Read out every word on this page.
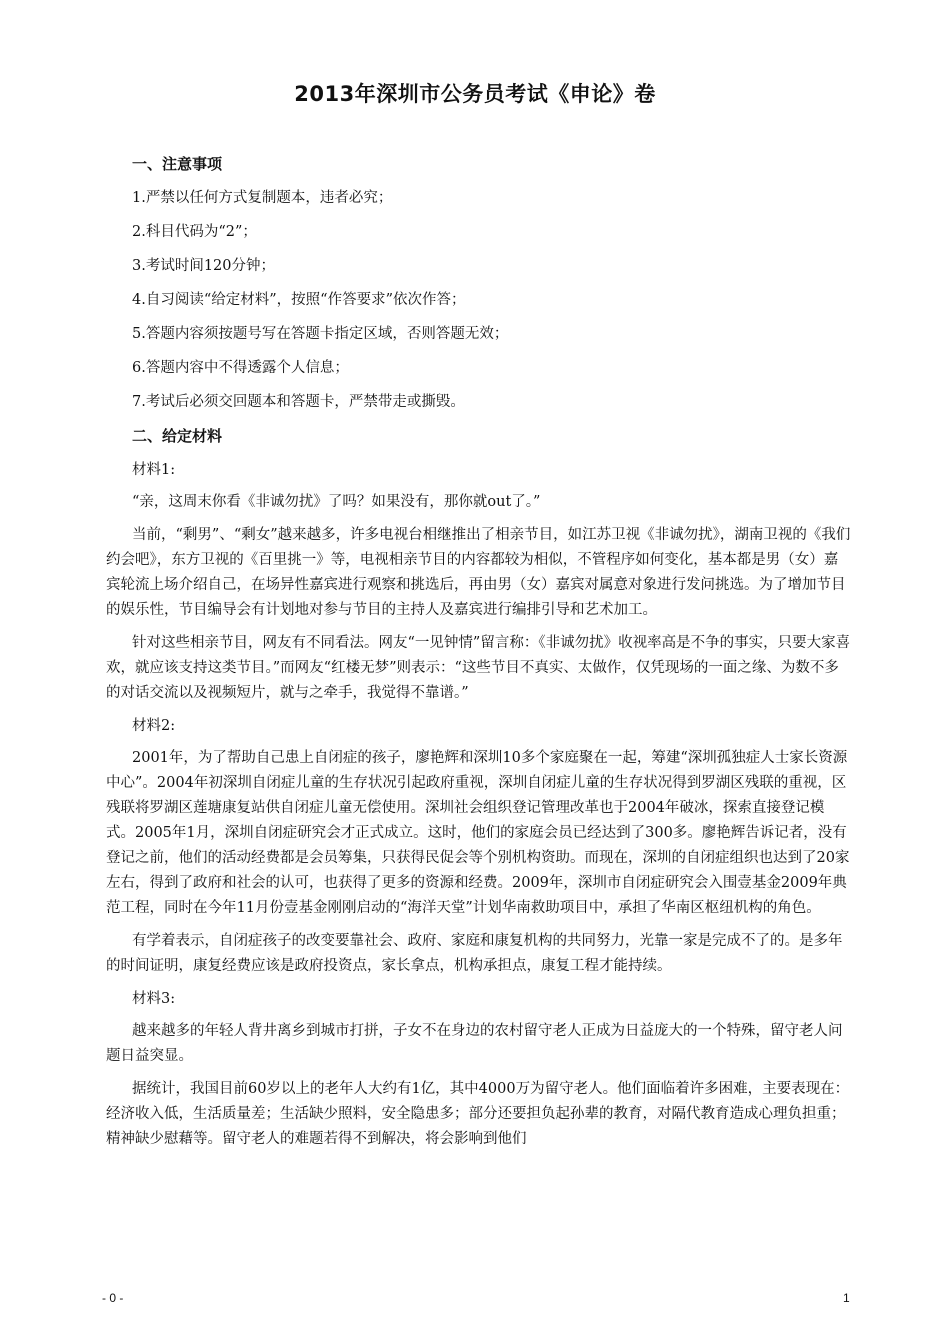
2013年深圳市公务员考试《申论》卷
一、注意事项
1.严禁以任何方式复制题本，违者必究；
2.科目代码为“2”；
3.考试时间120分钟；
4.自习阅读“给定材料”，按照“作答要求”依次作答；
5.答题内容须按题号写在答题卡指定区域，否则答题无效；
6.答题内容中不得透露个人信息；
7.考试后必须交回题本和答题卡，严禁带走或撕毁。
二、给定材料
材料1:
“亲，这周末你看《非诚勿扰》了吗？如果没有，那你就out了。”
当前，“剩男”、“剩女”越来越多，许多电视台相继推出了相亲节目，如江苏卫视《非诚勿扰》，湖南卫视的《我们约会吧》，东方卫视的《百里挑一》等，电视相亲节目的内容都较为相似，不管程序如何变化，基本都是男（女）嘉宾轮流上场介绍自己，在场异性嘉宾进行观察和挑选后，再由男（女）嘉宾对属意对象进行发问挑选。为了增加节目的娱乐性，节目编导会有计划地对参与节目的主持人及嘉宾进行编排引导和艺术加工。
针对这些相亲节目，网友有不同看法。网友“一见钟情”留言称：《非诚勿扰》收视率高是不争的事实，只要大家喜欢，就应该支持这类节目。”而网友“红楼无梦”则表示：“这些节目不真实、太做作，仅凭现场的一面之缘、为数不多的对话交流以及视频短片，就与之牵手，我觉得不靠谱。”
材料2:
2001年，为了帮助自己患上自闭症的孩子，廖艳辉和深圳10多个家庭聚在一起，筹建“深圳孤独症人士家长资源中心”。2004年初深圳自闭症儿童的生存状况引起政府重视，深圳自闭症儿童的生存状况得到罗湖区残联的重视，区残联将罗湖区莲塘康复站供自闭症儿童无偿使用。深圳社会组织登记管理改革也于2004年破冰，探索直接登记模式。2005年1月，深圳自闭症研究会才正式成立。这时，他们的家庭会员已经达到了300多。廖艳辉告诉记者，没有登记之前，他们的活动经费都是会员筹集，只获得民促会等个别机构资助。而现在，深圳的自闭症组织也达到了20家左右，得到了政府和社会的认可，也获得了更多的资源和经费。2009年，深圳市自闭症研究会入围壹基金2009年典范工程，同时在今年11月份壹基金刚刚启动的“海洋天堂”计划华南救助项目中，承担了华南区枢纽机构的角色。
有学着表示，自闭症孩子的改变要靠社会、政府、家庭和康复机构的共同努力，光靠一家是完成不了的。是多年的时间证明，康复经费应该是政府投资点，家长拿点，机构承担点，康复工程才能持续。
材料3:
越来越多的年轻人背井离乡到城市打拼，子女不在身边的农村留守老人正成为日益庞大的一个特殊，留守老人问题日益突显。
据统计，我国目前60岁以上的老年人大约有1亿，其中4000万为留守老人。他们面临着许多困难，主要表现在：经济收入低，生活质量差；生活缺少照料，安全隐患多；部分还要担负起孙辈的教育，对隔代教育造成心理负担重；精神缺少慰藉等。留守老人的难题若得不到解决，将会影响到他们
- 0 -	1
